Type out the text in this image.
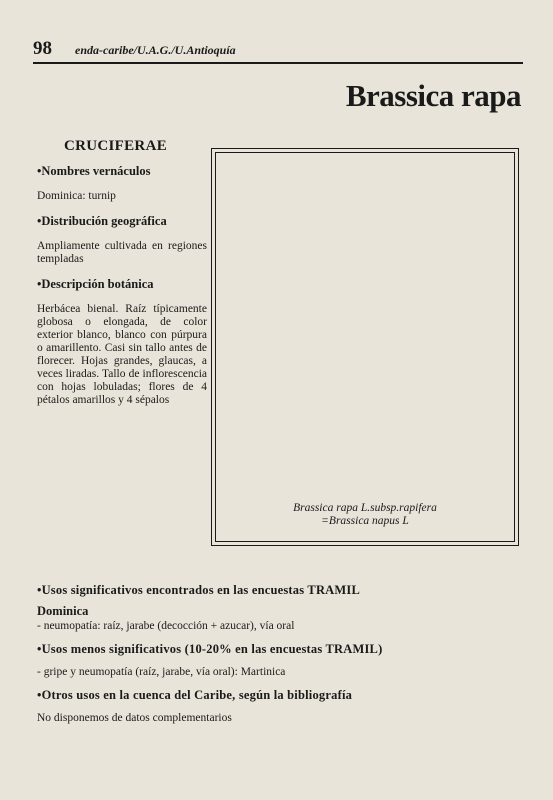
98 enda-caribe/U.A.G./U.Antioquía
Brassica rapa
CRUCIFERAE
•Nombres vernáculos
Dominica: turnip
•Distribución geográfica
Ampliamente cultivada en regiones templadas
•Descripción botánica
Herbácea bienal. Raíz típicamente globosa o elongada, de color exterior blanco, blanco con púrpura o amarillento. Casi sin tallo antes de florecer. Hojas grandes, glaucas, a veces liradas. Tallo de inflorescencia con hojas lobuladas; flores de 4 pétalos amarillos y 4 sépalos
Brassica rapa L.subsp.rapifera
=Brassica napus L
•Usos significativos encontrados en las encuestas TRAMIL
Dominica
- neumopatía: raíz, jarabe (decocción + azucar), vía oral
•Usos menos significativos (10-20% en las encuestas TRAMIL)
- gripe y neumopatía (raíz, jarabe, vía oral): Martinica
•Otros usos en la cuenca del Caribe, según la bibliografía
No disponemos de datos complementarios
